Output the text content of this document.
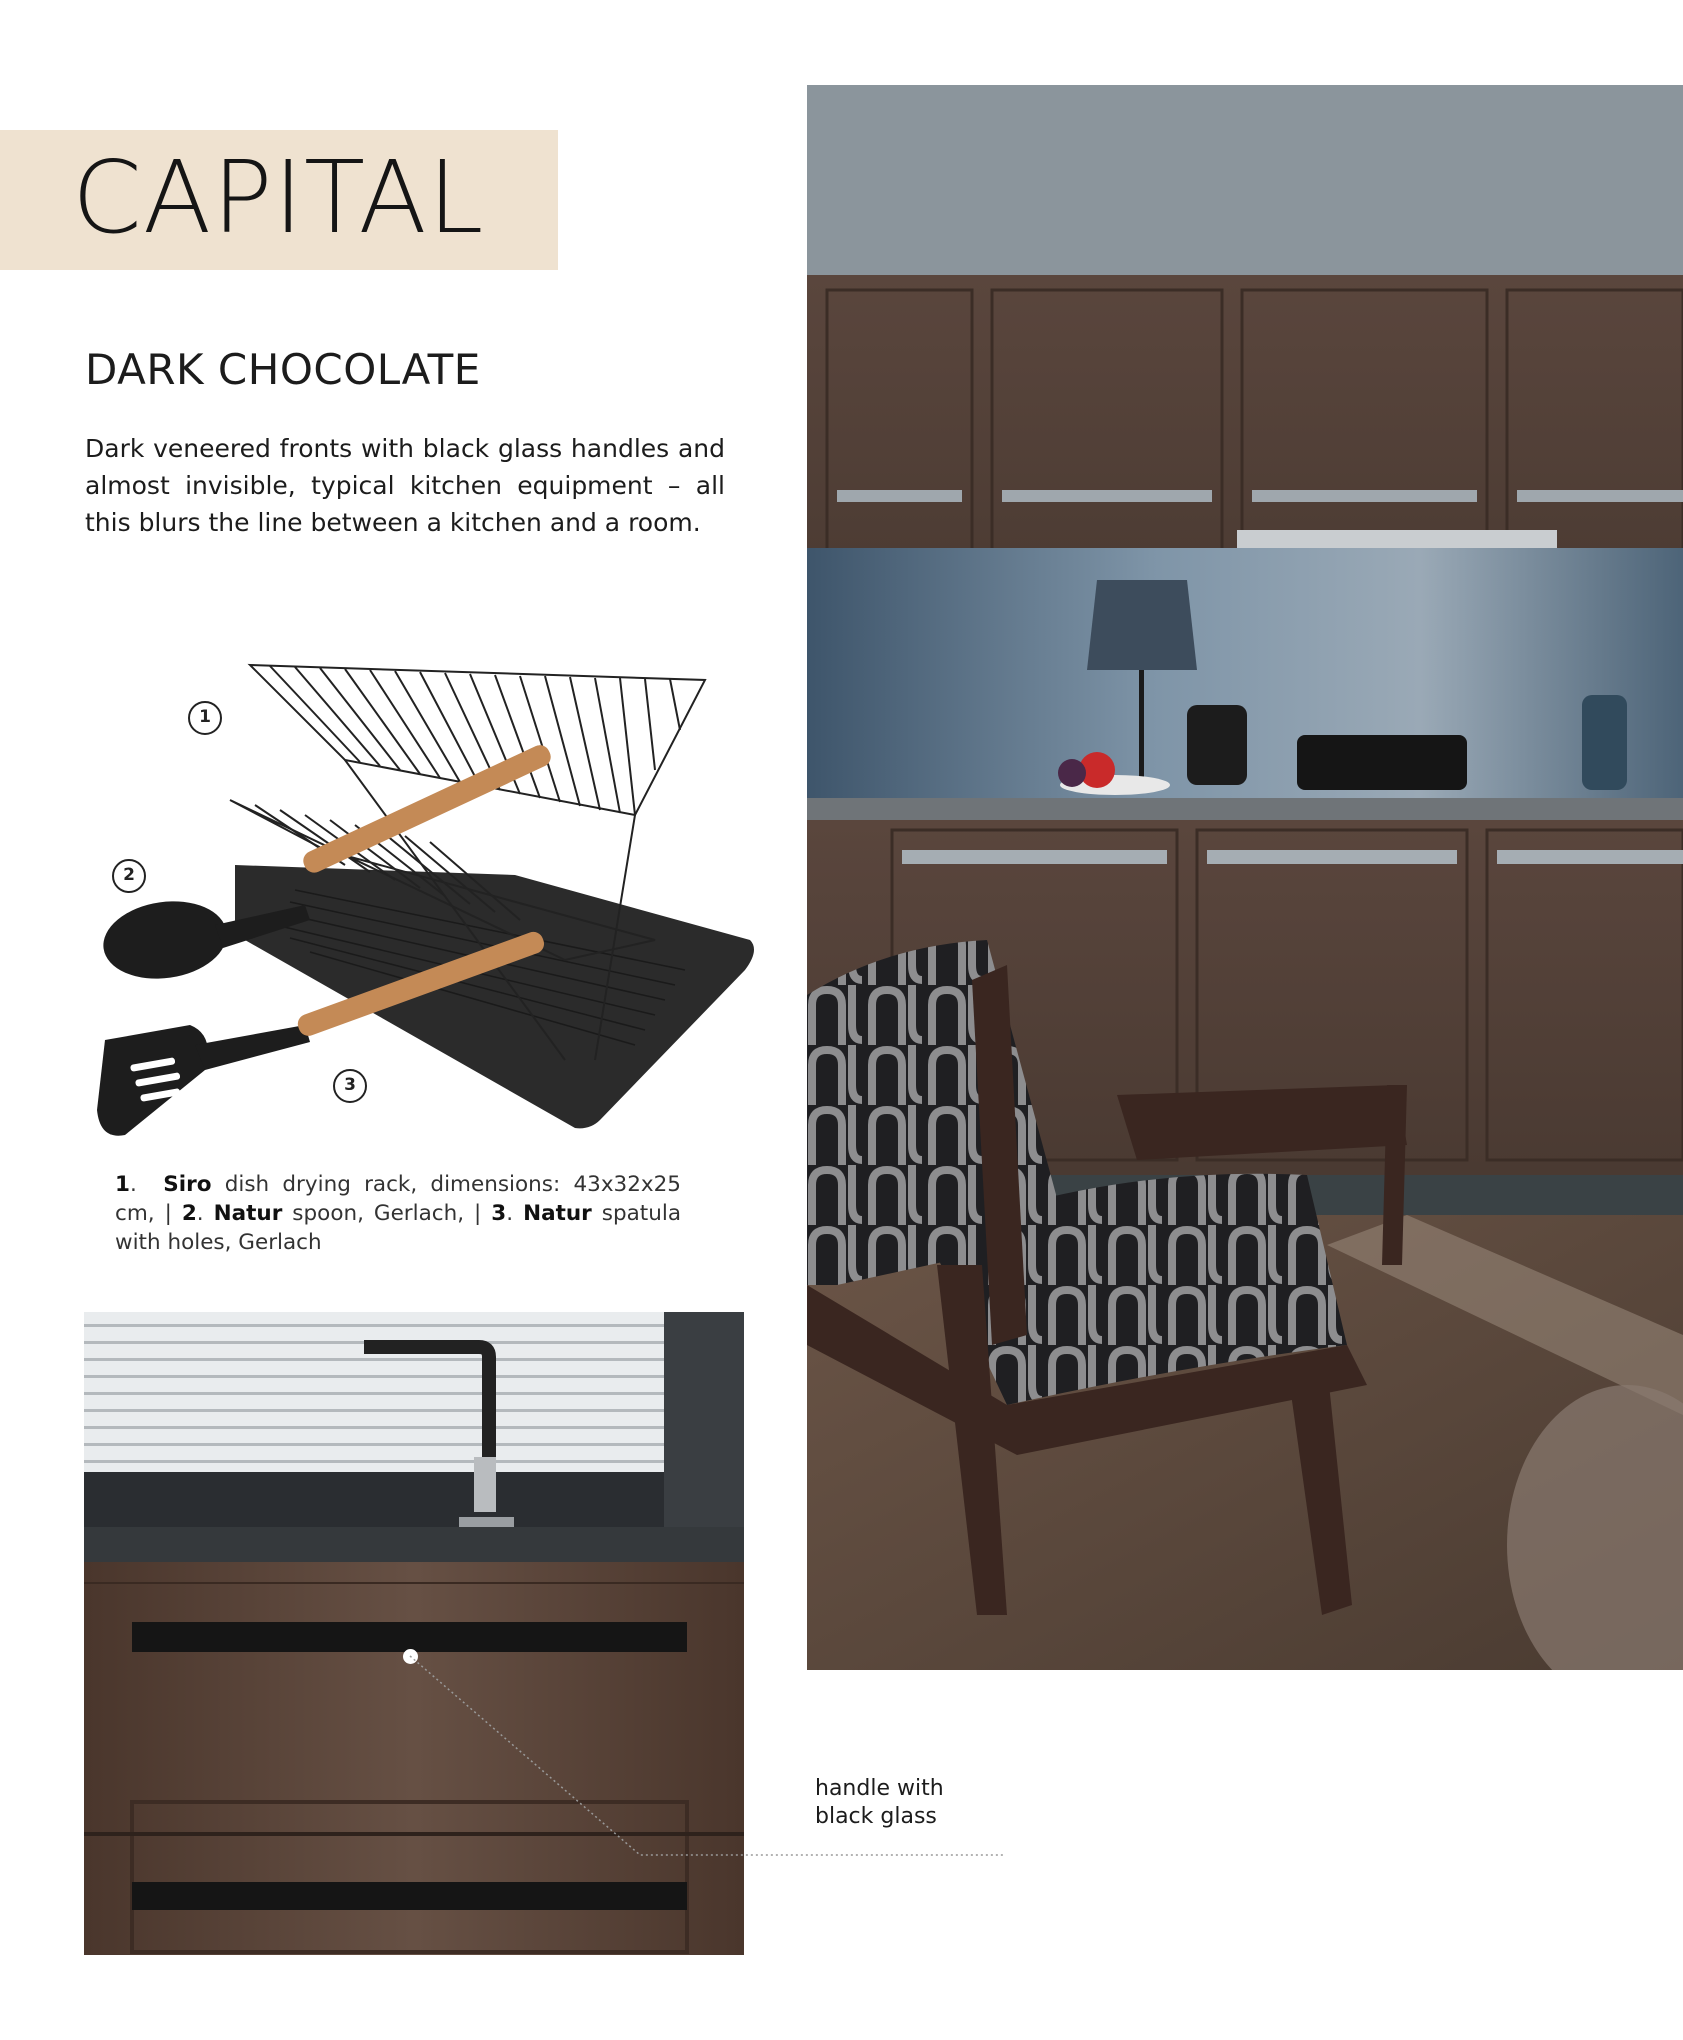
CAPITAL
DARK CHOCOLATE

Dark veneered fronts with black glass handles and almost invisible, typical kitchen equipment – all this blurs the line between a kitchen and a room.

1
2
3

1.  Siro dish drying rack, dimensions: 43x32x25 cm, | 2. Natur spoon, Gerlach, | 3. Natur spatula with holes, Gerlach

handle with
black glass
